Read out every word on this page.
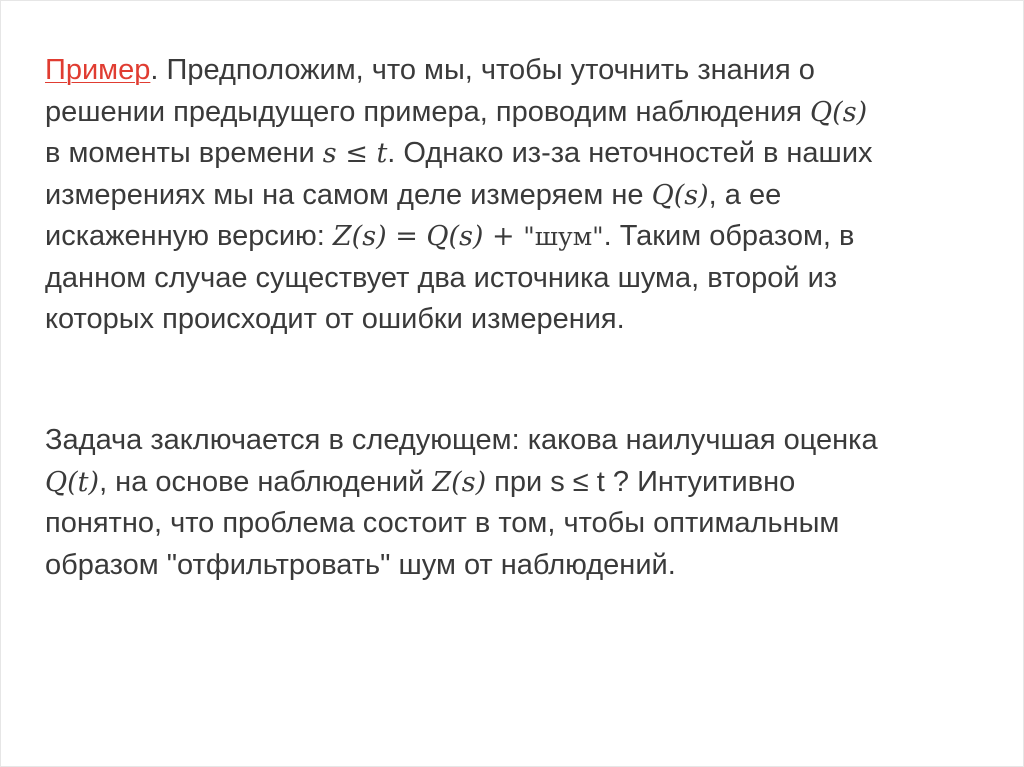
Пример. Предположим, что мы, чтобы уточнить знания о
решении предыдущего примера, проводим наблюдения 𝑄(𝑠)
в моменты времени 𝑠 ≤ 𝑡. Однако из-за неточностей в наших
измерениях мы на самом деле измеряем не 𝑄(𝑠), а ее
искаженную версию: 𝑍(𝑠) = 𝑄(𝑠) + "шум". Таким образом, в
данном случае существует два источника шума, второй из
которых происходит от ошибки измерения.
Задача заключается в следующем: какова наилучшая оценка
𝑄(𝑡), на основе наблюдений 𝑍(𝑠) при s ≤ t ? Интуитивно
понятно, что проблема состоит в том, чтобы оптимальным
образом "отфильтровать" шум от наблюдений.
